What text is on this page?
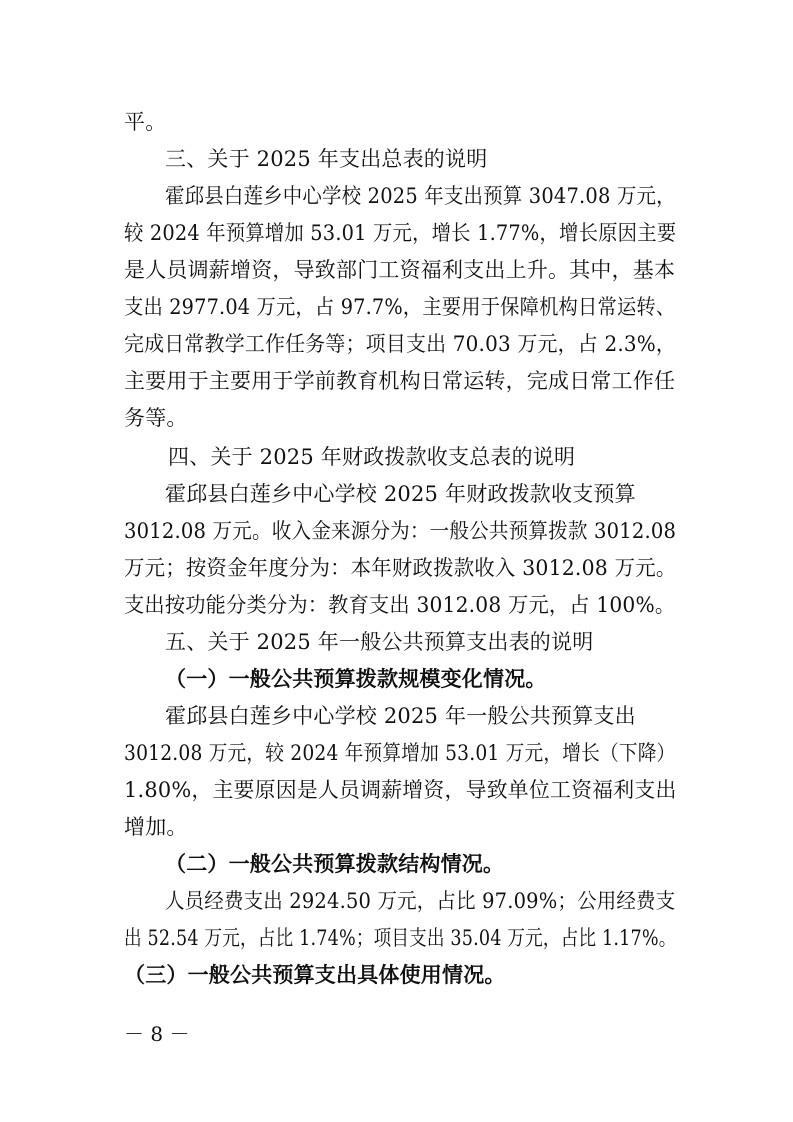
平。
三、关于 2025 年支出总表的说明
霍邱县白莲乡中心学校 2025 年支出预算 3047.08 万元，
较 2024 年预算增加 53.01 万元，增长 1.77%，增长原因主要
是人员调薪增资，导致部门工资福利支出上升。其中，基本
支出 2977.04 万元，占 97.7%，主要用于保障机构日常运转、
完成日常教学工作任务等；项目支出 70.03 万元，占 2.3%，
主要用于主要用于学前教育机构日常运转，完成日常工作任
务等。
四、关于 2025 年财政拨款收支总表的说明
霍邱县白莲乡中心学校 2025 年财政拨款收支预算
3012.08 万元。收入金来源分为：一般公共预算拨款 3012.08
万元；按资金年度分为：本年财政拨款收入 3012.08 万元。
支出按功能分类分为：教育支出 3012.08 万元，占 100%。
五、关于 2025 年一般公共预算支出表的说明
（一）一般公共预算拨款规模变化情况。
霍邱县白莲乡中心学校 2025 年一般公共预算支出
3012.08 万元，较 2024 年预算增加 53.01 万元，增长（下降）
1.80%，主要原因是人员调薪增资，导致单位工资福利支出
增加。
（二）一般公共预算拨款结构情况。
人员经费支出 2924.50 万元，占比 97.09%；公用经费支
出 52.54 万元，占比 1.74%；项目支出 35.04 万元，占比 1.17%。
（三）一般公共预算支出具体使用情况。
－ 8 －
